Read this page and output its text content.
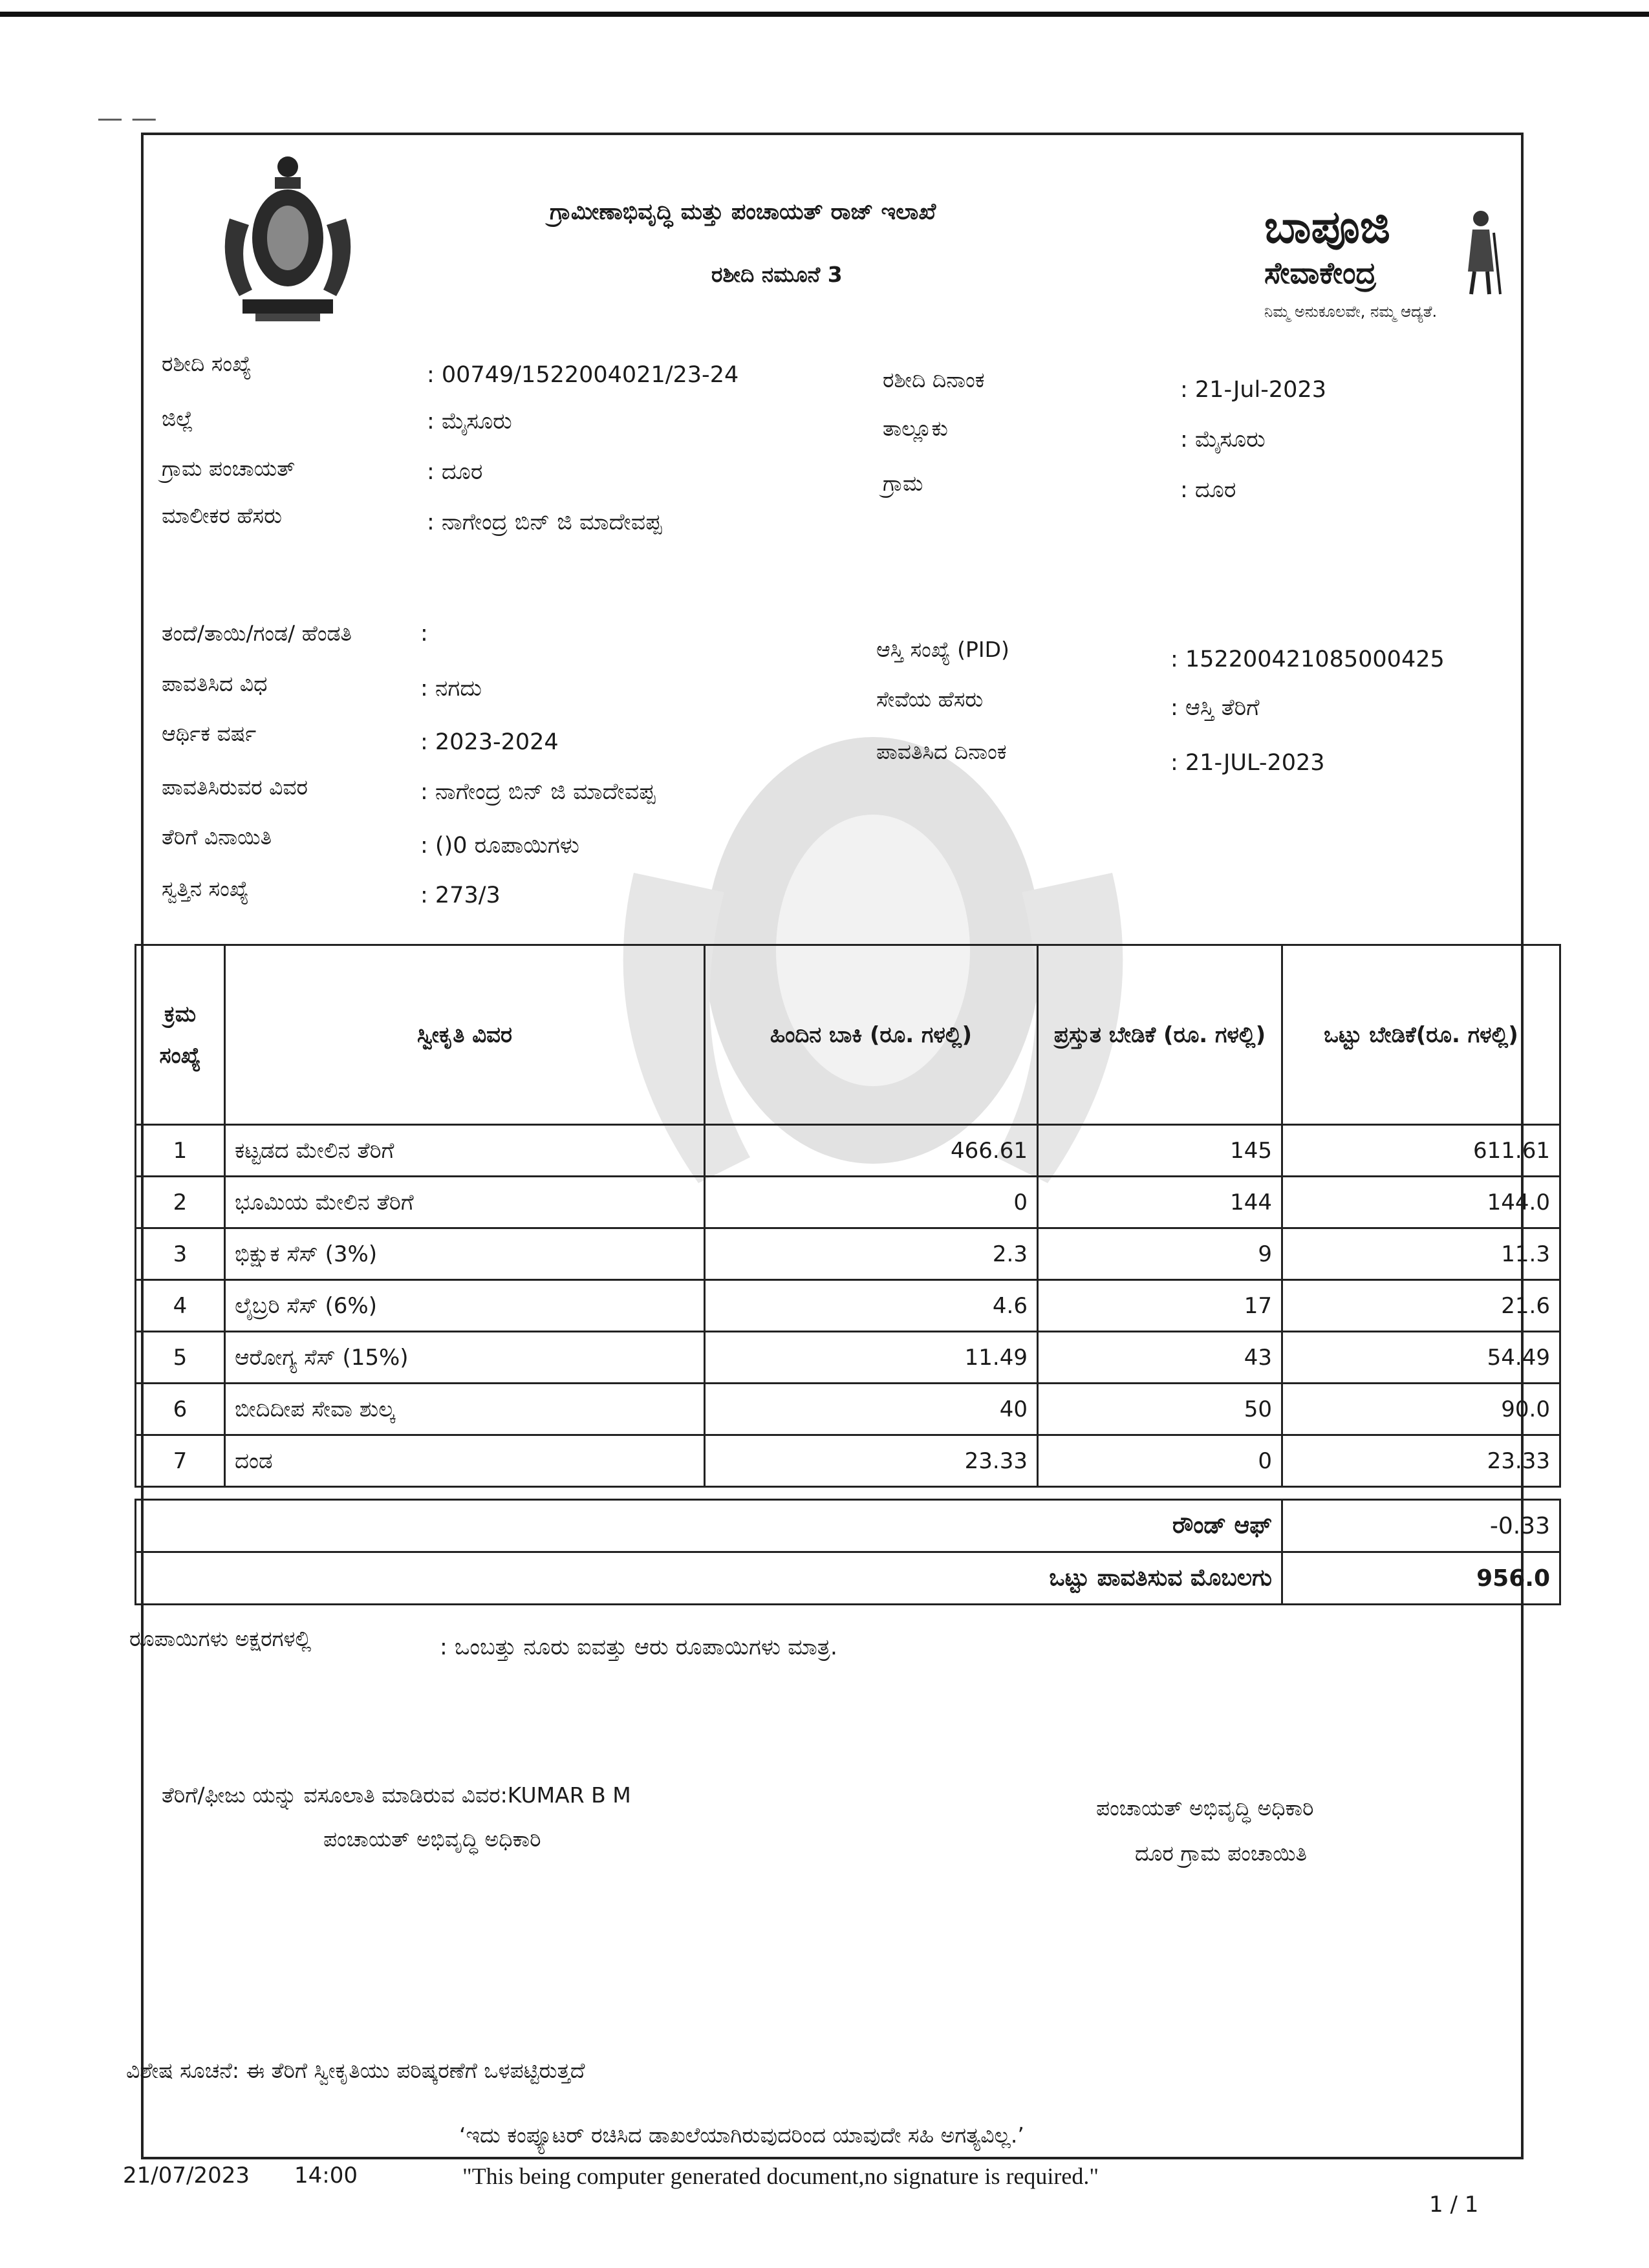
— —
ಗ್ರಾಮೀಣಾಭಿವೃದ್ಧಿ ಮತ್ತು ಪಂಚಾಯತ್ ರಾಜ್ ಇಲಾಖೆ
ರಶೀದಿ ನಮೂನೆ 3
ಬಾಪೂಜಿ
ಸೇವಾಕೇಂದ್ರ
ನಿಮ್ಮ ಅನುಕೂಲವೇ, ನಮ್ಮ ಆದ್ಯತೆ.
ರಶೀದಿ ಸಂಖ್ಯೆ	: 00749/1522004021/23-24
ಜಿಲ್ಲೆ	: ಮೈಸೂರು
ಗ್ರಾಮ ಪಂಚಾಯತ್	: ದೂರ
ಮಾಲೀಕರ ಹೆಸರು	: ನಾಗೇಂದ್ರ ಬಿನ್ ಜಿ ಮಾದೇವಪ್ಪ
ರಶೀದಿ ದಿನಾಂಕ	: 21-Jul-2023
ತಾಲ್ಲೂಕು	: ಮೈಸೂರು
ಗ್ರಾಮ	: ದೂರ
ತಂದೆ/ತಾಯಿ/ಗಂಡ/ ಹೆಂಡತಿ	:
ಪಾವತಿಸಿದ ವಿಧ	: ನಗದು
ಆರ್ಥಿಕ ವರ್ಷ	: 2023-2024
ಪಾವತಿಸಿರುವರ ವಿವರ	: ನಾಗೇಂದ್ರ ಬಿನ್ ಜಿ ಮಾದೇವಪ್ಪ
ತೆರಿಗೆ ವಿನಾಯಿತಿ	: ()0 ರೂಪಾಯಿಗಳು
ಸ್ವತ್ತಿನ ಸಂಖ್ಯೆ	: 273/3
ಆಸ್ತಿ ಸಂಖ್ಯೆ (PID)	: 152200421085000425
ಸೇವೆಯ ಹೆಸರು	: ಆಸ್ತಿ ತೆರಿಗೆ
ಪಾವತಿಸಿದ ದಿನಾಂಕ	: 21-JUL-2023
ಕ್ರಮ ಸಂಖ್ಯೆ	ಸ್ವೀಕೃತಿ ವಿವರ	ಹಿಂದಿನ ಬಾಕಿ (ರೂ. ಗಳಲ್ಲಿ)	ಪ್ರಸ್ತುತ ಬೇಡಿಕೆ (ರೂ. ಗಳಲ್ಲಿ)	ಒಟ್ಟು ಬೇಡಿಕೆ(ರೂ. ಗಳಲ್ಲಿ)
1	ಕಟ್ಟಡದ ಮೇಲಿನ ತೆರಿಗೆ	466.61	145	611.61
2	ಭೂಮಿಯ ಮೇಲಿನ ತೆರಿಗೆ	0	144	144.0
3	ಭಿಕ್ಷುಕ ಸೆಸ್ (3%)	2.3	9	11.3
4	ಲೈಬ್ರರಿ ಸೆಸ್ (6%)	4.6	17	21.6
5	ಆರೋಗ್ಯ ಸೆಸ್ (15%)	11.49	43	54.49
6	ಬೀದಿದೀಪ ಸೇವಾ ಶುಲ್ಕ	40	50	90.0
7	ದಂಡ	23.33	0	23.33
ರೌಂಡ್ ಆಫ್	-0.33
ಒಟ್ಟು ಪಾವತಿಸುವ ಮೊಬಲಗು	956.0
ರೂಪಾಯಿಗಳು ಅಕ್ಷರಗಳಲ್ಲಿ	: ಒಂಬತ್ತು ನೂರು ಐವತ್ತು ಆರು ರೂಪಾಯಿಗಳು ಮಾತ್ರ.
ತೆರಿಗೆ/ಫೀಜು ಯನ್ನು ವಸೂಲಾತಿ ಮಾಡಿರುವ ವಿವರ:KUMAR B M
ಪಂಚಾಯತ್ ಅಭಿವೃದ್ಧಿ ಅಧಿಕಾರಿ
ಪಂಚಾಯತ್ ಅಭಿವೃದ್ಧಿ ಅಧಿಕಾರಿ
ದೂರ ಗ್ರಾಮ ಪಂಚಾಯಿತಿ
ವಿಶೇಷ ಸೂಚನೆ: ಈ ತೆರಿಗೆ ಸ್ವೀಕೃತಿಯು ಪರಿಷ್ಕರಣೆಗೆ ಒಳಪಟ್ಟಿರುತ್ತದೆ
‘ಇದು ಕಂಪ್ಯೂಟರ್ ರಚಿಸಿದ ಡಾಖಲೆಯಾಗಿರುವುದರಿಂದ ಯಾವುದೇ ಸಹಿ ಅಗತ್ಯವಿಲ್ಲ.’
"This being computer generated document,no signature is required."
21/07/2023 14:00
1 / 1
